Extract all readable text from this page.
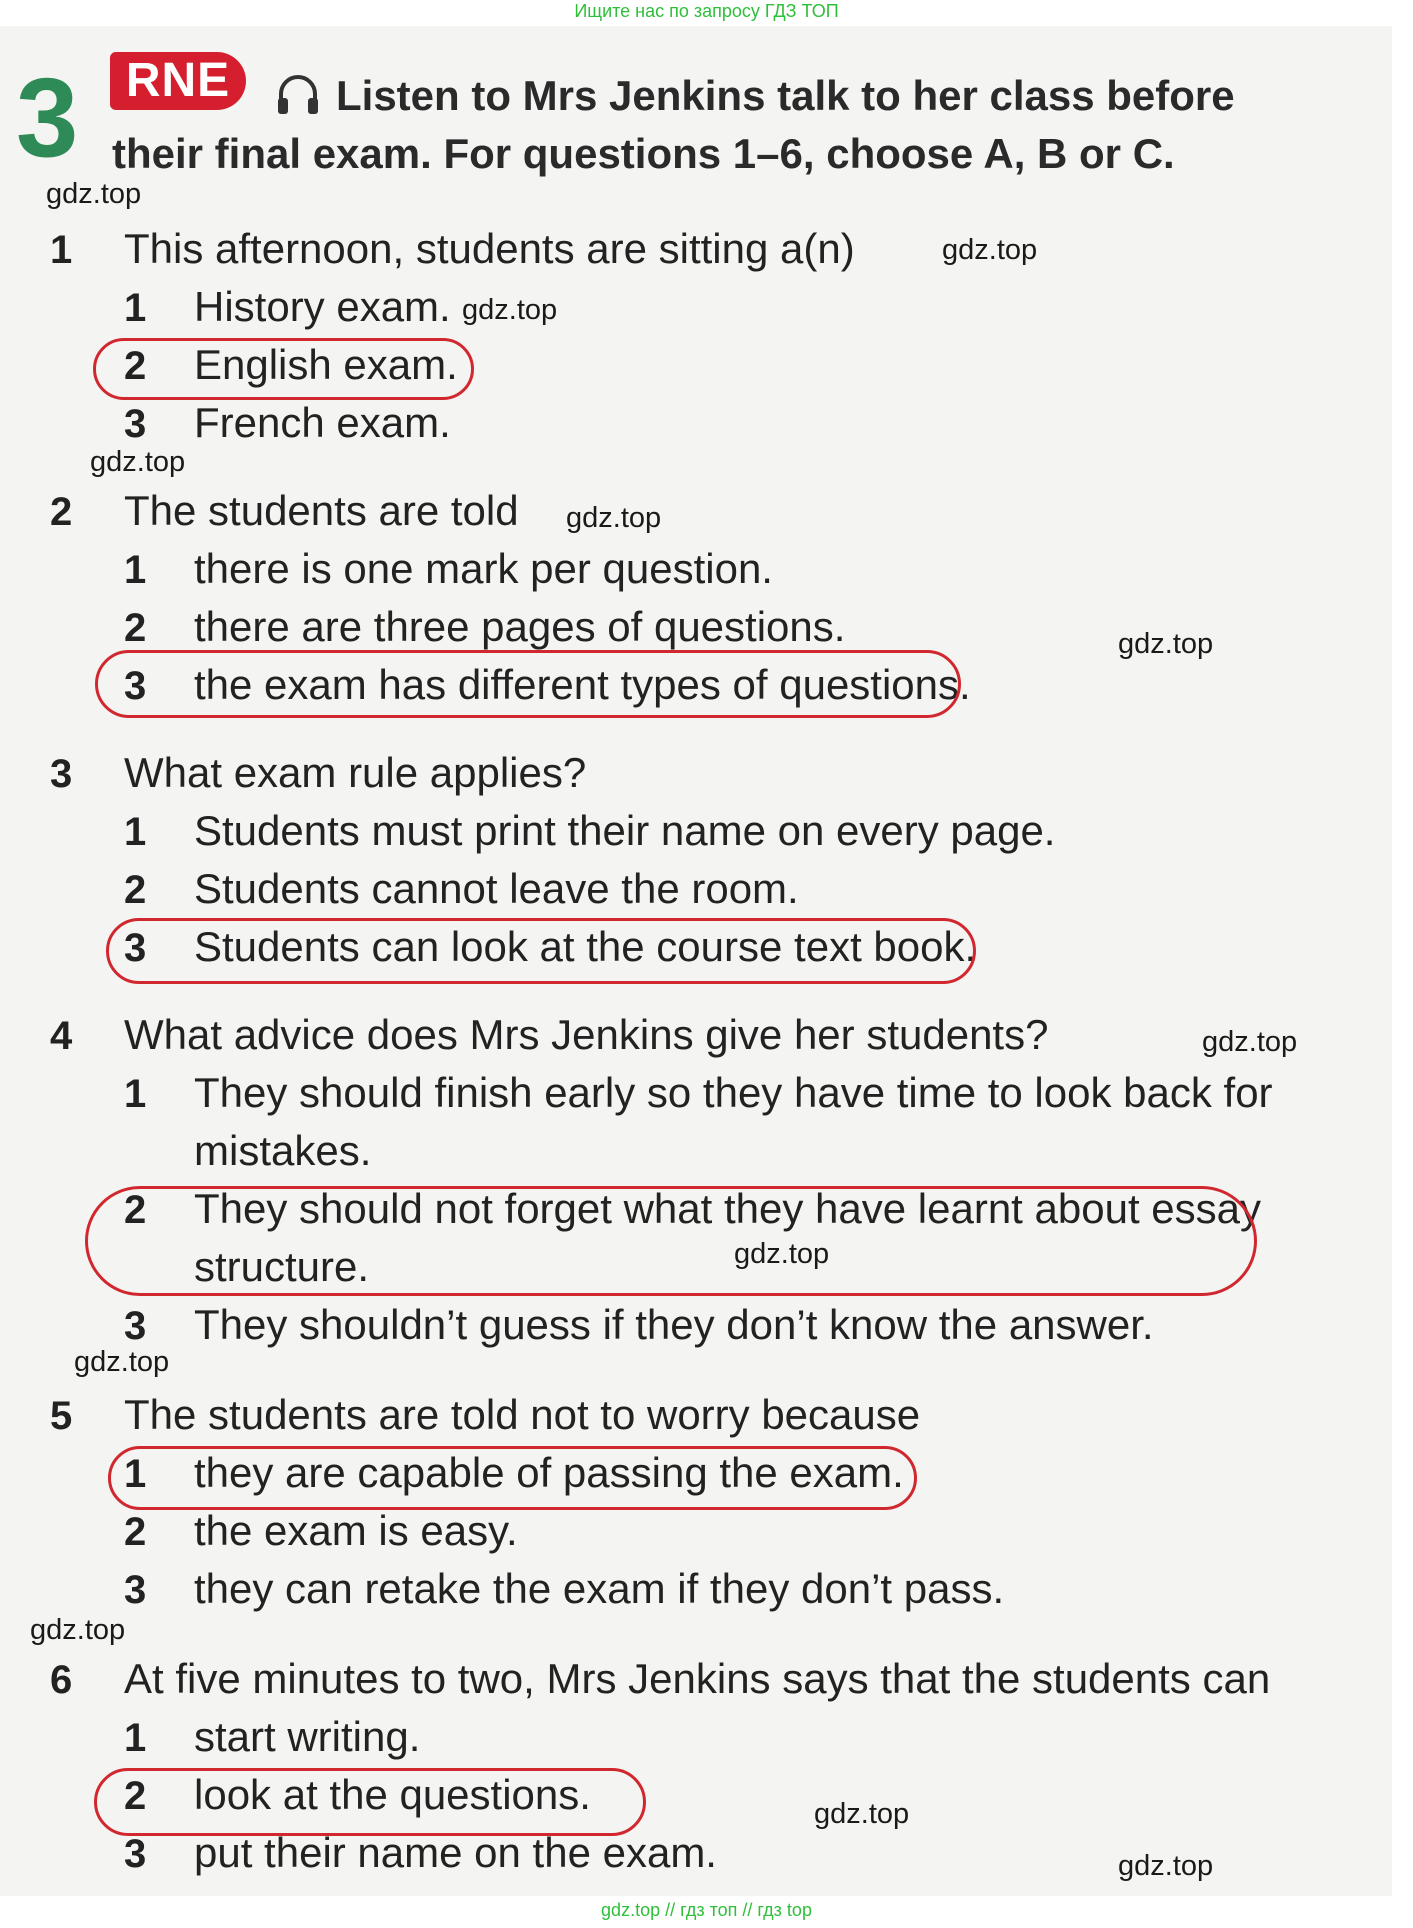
Ищите нас по запросу ГДЗ ТОП
3	RNE	Listen to Mrs Jenkins talk to her class before
their final exam. For questions 1–6, choose A, B or C.
1 This afternoon, students are sitting a(n)
1 History exam.
2 English exam.
3 French exam.
2 The students are told
1 there is one mark per question.
2 there are three pages of questions.
3 the exam has different types of questions.
3 What exam rule applies?
1 Students must print their name on every page.
2 Students cannot leave the room.
3 Students can look at the course text book.
4 What advice does Mrs Jenkins give her students?
1 They should finish early so they have time to look back for
mistakes.
2 They should not forget what they have learnt about essay
structure.
3 They shouldn’t guess if they don’t know the answer.
5 The students are told not to worry because
1 they are capable of passing the exam.
2 the exam is easy.
3 they can retake the exam if they don’t pass.
6 At five minutes to two, Mrs Jenkins says that the students can
1 start writing.
2 look at the questions.
3 put their name on the exam.
gdz.top
gdz.top
gdz.top
gdz.top
gdz.top
gdz.top
gdz.top
gdz.top
gdz.top
gdz.top
gdz.top
gdz.top
gdz.top // гдз топ // гдз top
